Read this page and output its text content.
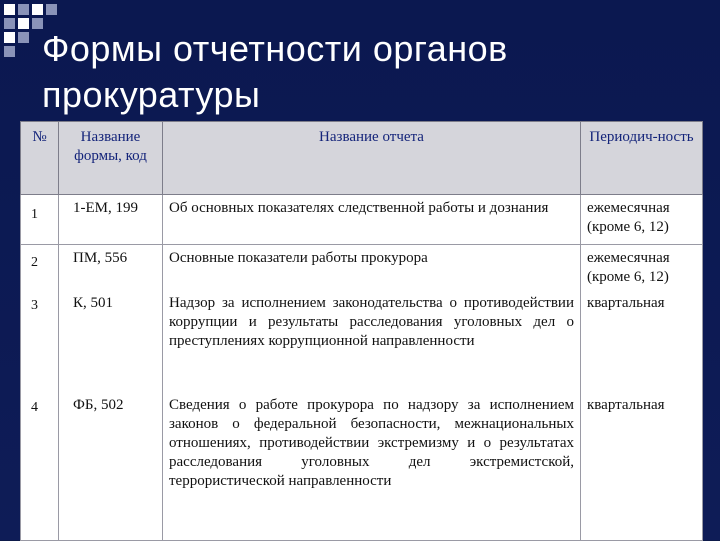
Формы отчетности органов
прокуратуры
№	Название формы, код	Название отчета	Периодич-ность
1	1-ЕМ, 199	Об основных показателях следственной работы и дознания	ежемесячная (кроме 6, 12)
2	ПМ, 556	Основные показатели работы прокурора	ежемесячная (кроме 6, 12)
3	К, 501	Надзор за исполнением законодательства о противодействии коррупции и результаты расследования уголовных дел о преступлениях коррупционной направленности	квартальная
4	ФБ, 502	Сведения о работе прокурора по надзору за исполнением законов о федеральной безопасности, межнациональных отношениях, противодействии экстремизму и о результатах расследования уголовных дел экстремистской, террористической направленности	квартальная
